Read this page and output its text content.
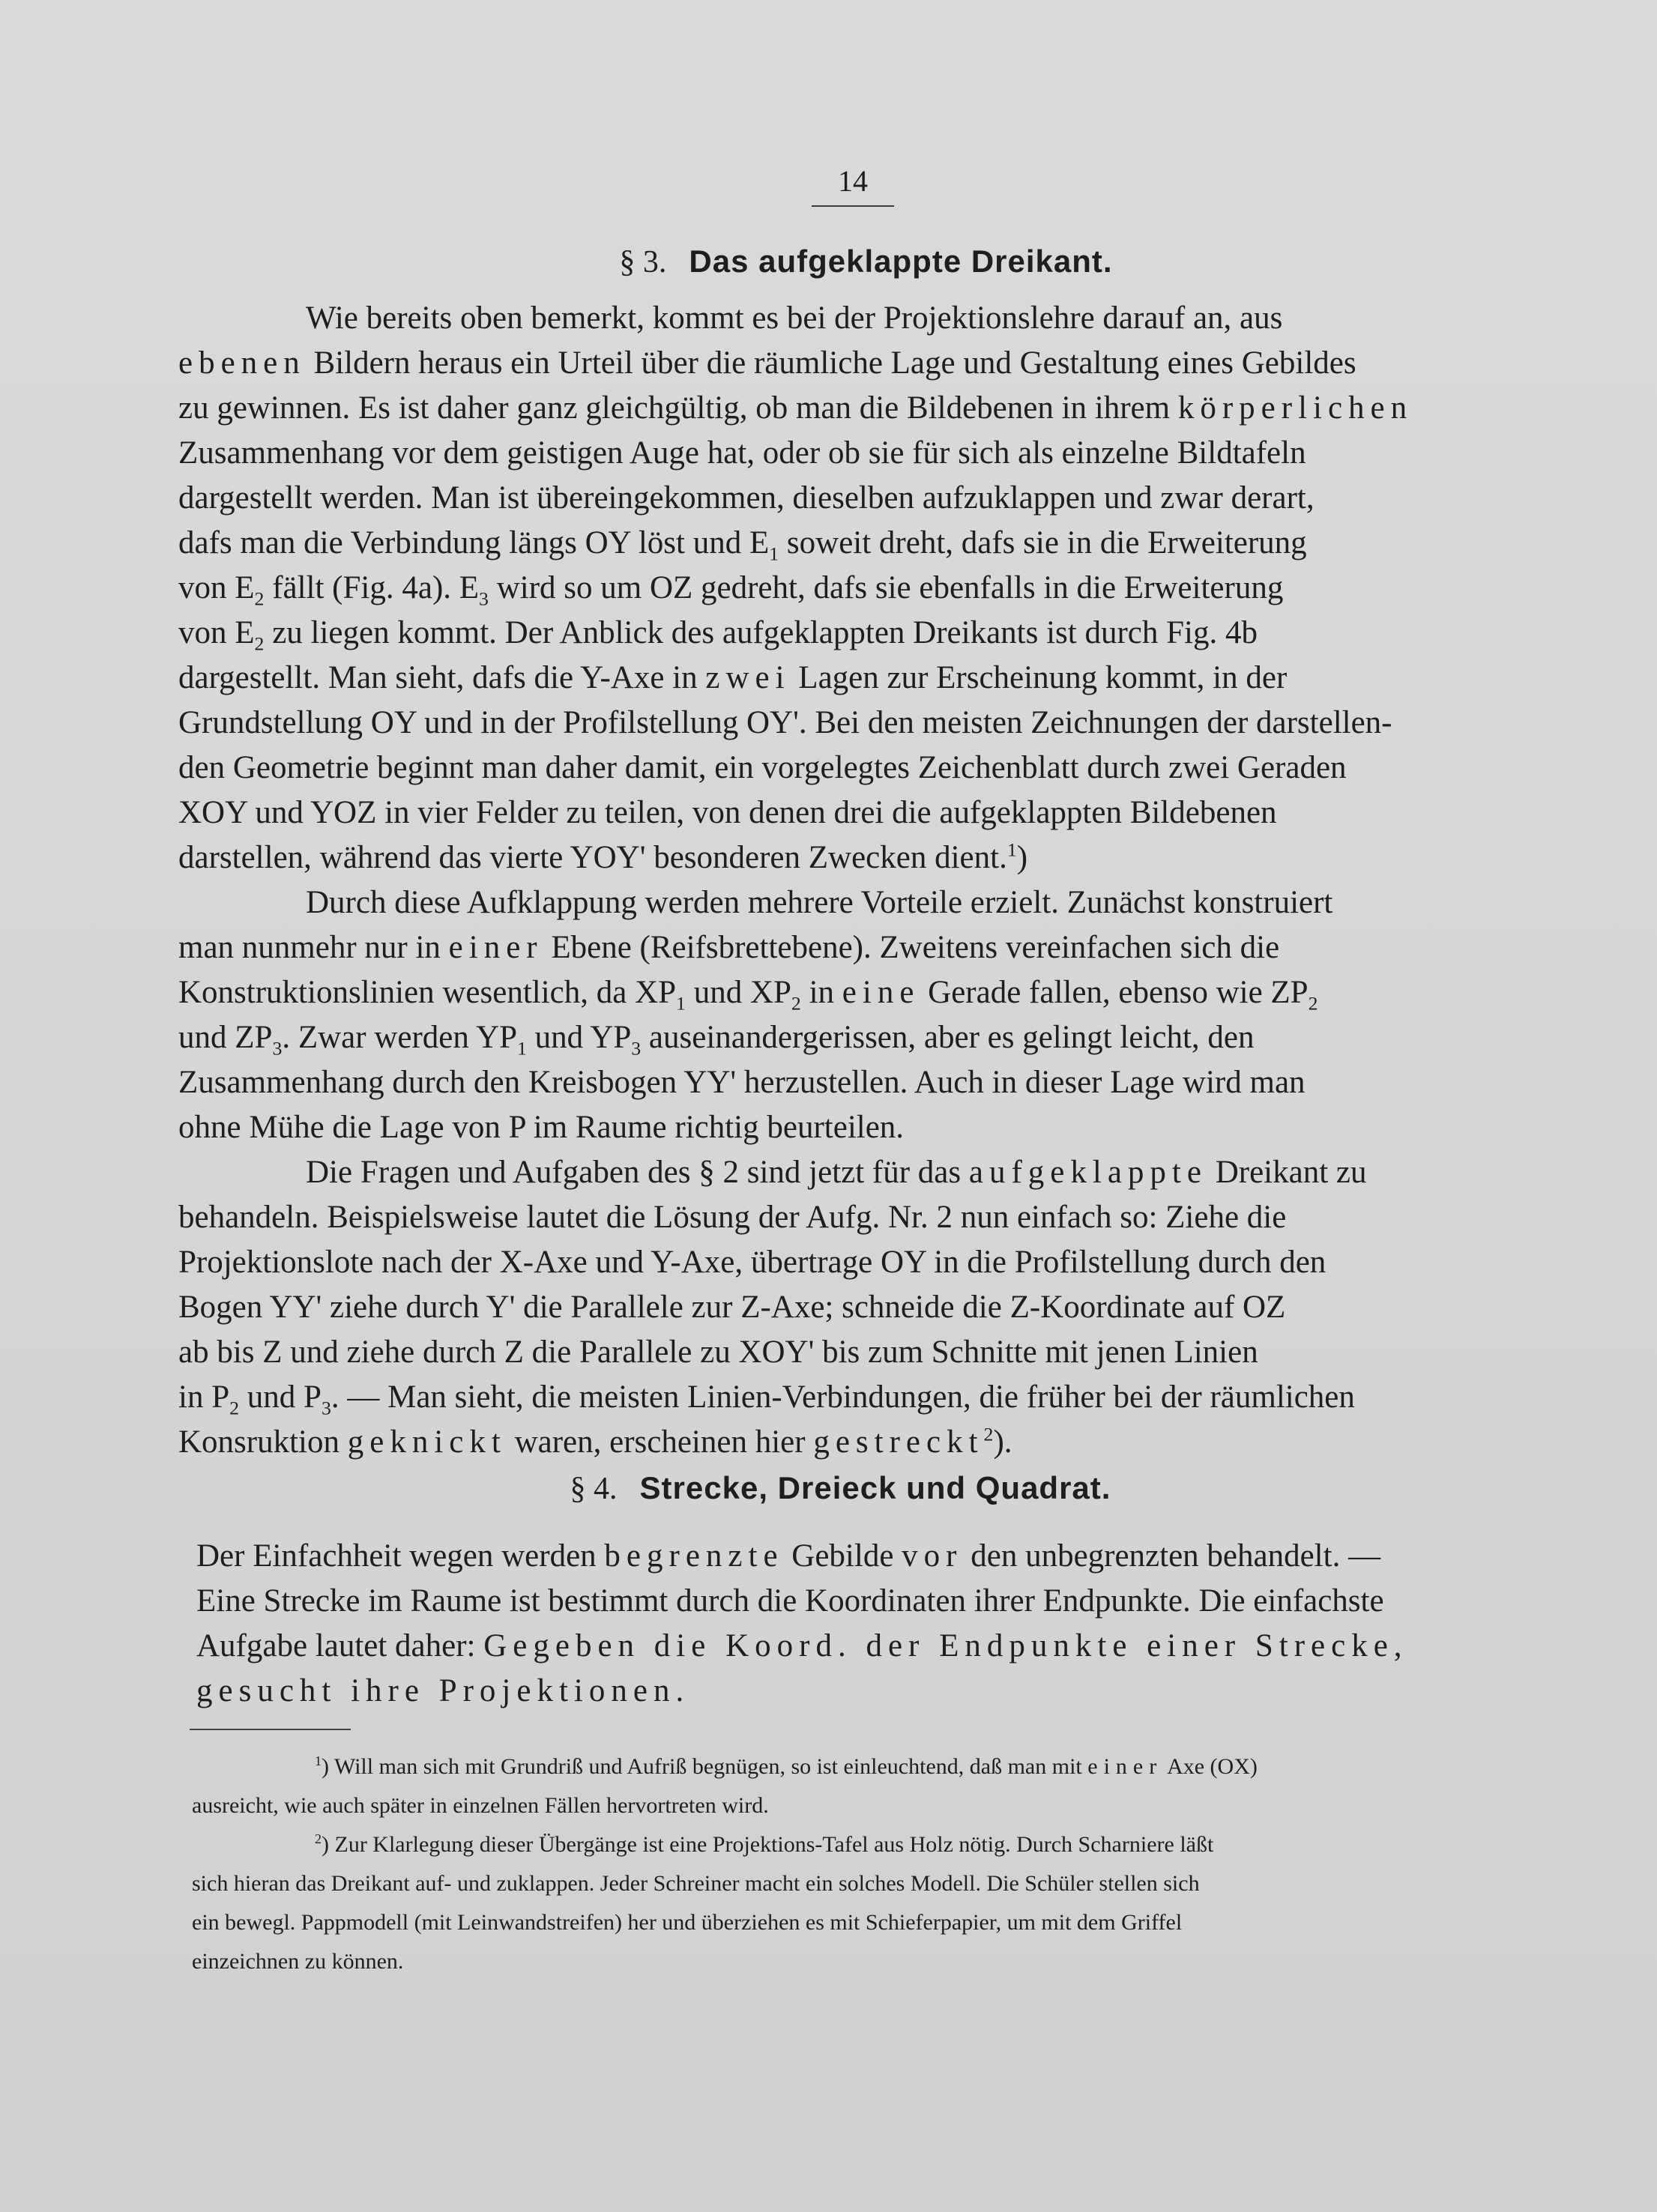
14
§ 3. Das aufgeklappte Dreikant.
Wie bereits oben bemerkt, kommt es bei der Projektionslehre darauf an, aus
ebenen Bildern heraus ein Urteil über die räumliche Lage und Gestaltung eines Gebildes
zu gewinnen. Es ist daher ganz gleichgültig, ob man die Bildebenen in ihrem körperlichen
Zusammenhang vor dem geistigen Auge hat, oder ob sie für sich als einzelne Bildtafeln
dargestellt werden. Man ist übereingekommen, dieselben aufzuklappen und zwar derart,
dafs man die Verbindung längs OY löst und $E_1$ soweit dreht, dafs sie in die Erweiterung
von $E_2$ fällt (Fig. 4a). $E_3$ wird so um OZ gedreht, dafs sie ebenfalls in die Erweiterung
von $E_2$ zu liegen kommt. Der Anblick des aufgeklappten Dreikants ist durch Fig. 4b
dargestellt. Man sieht, dafs die Y-Axe in zwei Lagen zur Erscheinung kommt, in der
Grundstellung OY und in der Profilstellung OY'. Bei den meisten Zeichnungen der darstellen-
den Geometrie beginnt man daher damit, ein vorgelegtes Zeichenblatt durch zwei Geraden
XOY und YOZ in vier Felder zu teilen, von denen drei die aufgeklappten Bildebenen
darstellen, während das vierte YOY' besonderen Zwecken dient.$^1$)
Durch diese Aufklappung werden mehrere Vorteile erzielt. Zunächst konstruiert
man nunmehr nur in einer Ebene (Reifsbrettebene). Zweitens vereinfachen sich die
Konstruktionslinien wesentlich, da $XP_1$ und $XP_2$ in eine Gerade fallen, ebenso wie $ZP_2$
und $ZP_3$. Zwar werden $YP_1$ und $YP_3$ auseinandergerissen, aber es gelingt leicht, den
Zusammenhang durch den Kreisbogen YY' herzustellen. Auch in dieser Lage wird man
ohne Mühe die Lage von P im Raume richtig beurteilen.
Die Fragen und Aufgaben des § 2 sind jetzt für das aufgeklappte Dreikant zu
behandeln. Beispielsweise lautet die Lösung der Aufg. Nr. 2 nun einfach so: Ziehe die
Projektionslote nach der X-Axe und Y-Axe, übertrage OY in die Profilstellung durch den
Bogen YY' ziehe durch Y' die Parallele zur Z-Axe; schneide die Z-Koordinate auf OZ
ab bis Z und ziehe durch Z die Parallele zu XOY' bis zum Schnitte mit jenen Linien
in $P_2$ und $P_3$. — Man sieht, die meisten Linien-Verbindungen, die früher bei der räumlichen
Konsruktion geknickt waren, erscheinen hier gestreckt$^2$).
§ 4. Strecke, Dreieck und Quadrat.
Der Einfachheit wegen werden begrenzte Gebilde vor den unbegrenzten behandelt. —
Eine Strecke im Raume ist bestimmt durch die Koordinaten ihrer Endpunkte. Die einfachste
Aufgabe lautet daher: Gegeben die Koord. der Endpunkte einer Strecke,
gesucht ihre Projektionen.
$^1$) Will man sich mit Grundriß und Aufriß begnügen, so ist einleuchtend, daß man mit einer Axe (OX)
ausreicht, wie auch später in einzelnen Fällen hervortreten wird.
$^2$) Zur Klarlegung dieser Übergänge ist eine Projektions-Tafel aus Holz nötig. Durch Scharniere läßt
sich hieran das Dreikant auf- und zuklappen. Jeder Schreiner macht ein solches Modell. Die Schüler stellen sich
ein bewegl. Pappmodell (mit Leinwandstreifen) her und überziehen es mit Schieferpapier, um mit dem Griffel
einzeichnen zu können.
